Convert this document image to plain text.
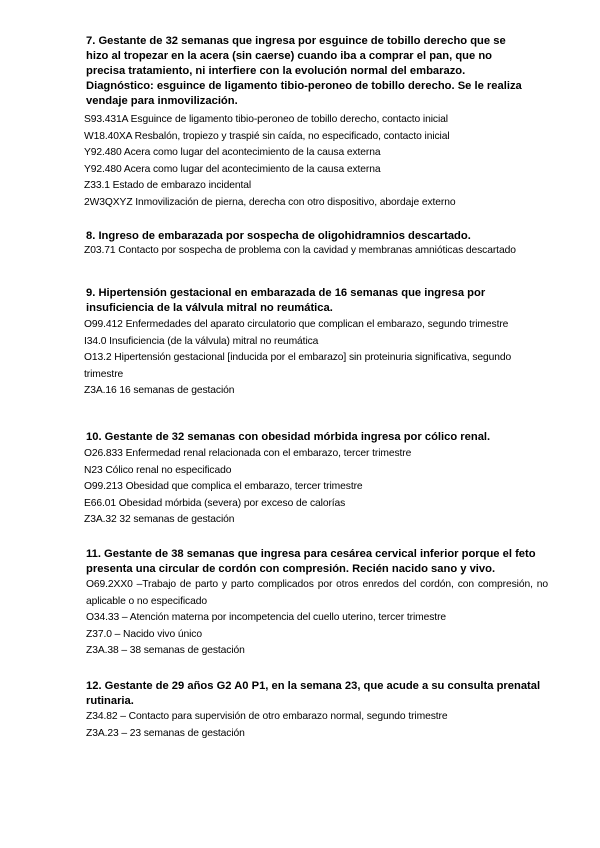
7. Gestante de 32 semanas que ingresa por esguince de tobillo derecho que se hizo al tropezar en la acera (sin caerse) cuando iba a comprar el pan, que no precisa tratamiento, ni interfiere con la evolución normal del embarazo. Diagnóstico: esguince de ligamento tibio-peroneo de tobillo derecho. Se le realiza vendaje para inmovilización.

S93.431A Esguince de ligamento tibio-peroneo de tobillo derecho, contacto inicial

W18.40XA Resbalón, tropiezo y traspié sin caída, no especificado, contacto inicial

Y92.480 Acera como lugar del acontecimiento de la causa externa

Y92.480 Acera como lugar del acontecimiento de la causa externa

Z33.1 Estado de embarazo incidental

2W3QXYZ Inmovilización de pierna, derecha con otro dispositivo, abordaje externo

8. Ingreso de embarazada por sospecha de oligohidramnios descartado.

Z03.71 Contacto por sospecha de problema con la cavidad y membranas amnióticas descartado

9. Hipertensión gestacional en embarazada de 16 semanas que ingresa por insuficiencia de la válvula mitral no reumática.

O99.412 Enfermedades del aparato circulatorio que complican el embarazo, segundo trimestre

I34.0 Insuficiencia (de la válvula) mitral no reumática

O13.2 Hipertensión gestacional [inducida por el embarazo] sin proteinuria significativa, segundo trimestre

Z3A.16 16 semanas de gestación

10. Gestante de 32 semanas con obesidad mórbida ingresa por cólico renal.

O26.833 Enfermedad renal relacionada con el embarazo, tercer trimestre

N23 Cólico renal no especificado

O99.213 Obesidad que complica el embarazo, tercer trimestre

E66.01 Obesidad mórbida (severa) por exceso de calorías

Z3A.32 32 semanas de gestación

11. Gestante de 38 semanas que ingresa para cesárea cervical inferior porque el feto presenta una circular de cordón con compresión. Recién nacido sano y vivo.

O69.2XX0 –Trabajo de parto y parto complicados por otros enredos del cordón, con compresión, no aplicable o no especificado

O34.33 – Atención materna por incompetencia del cuello uterino, tercer trimestre

Z37.0 – Nacido vivo único

Z3A.38 – 38 semanas de gestación

12. Gestante de 29 años G2 A0 P1, en la semana 23, que acude a su consulta prenatal rutinaria.

Z34.82 – Contacto para supervisión de otro embarazo normal, segundo trimestre

Z3A.23 – 23 semanas de gestación
